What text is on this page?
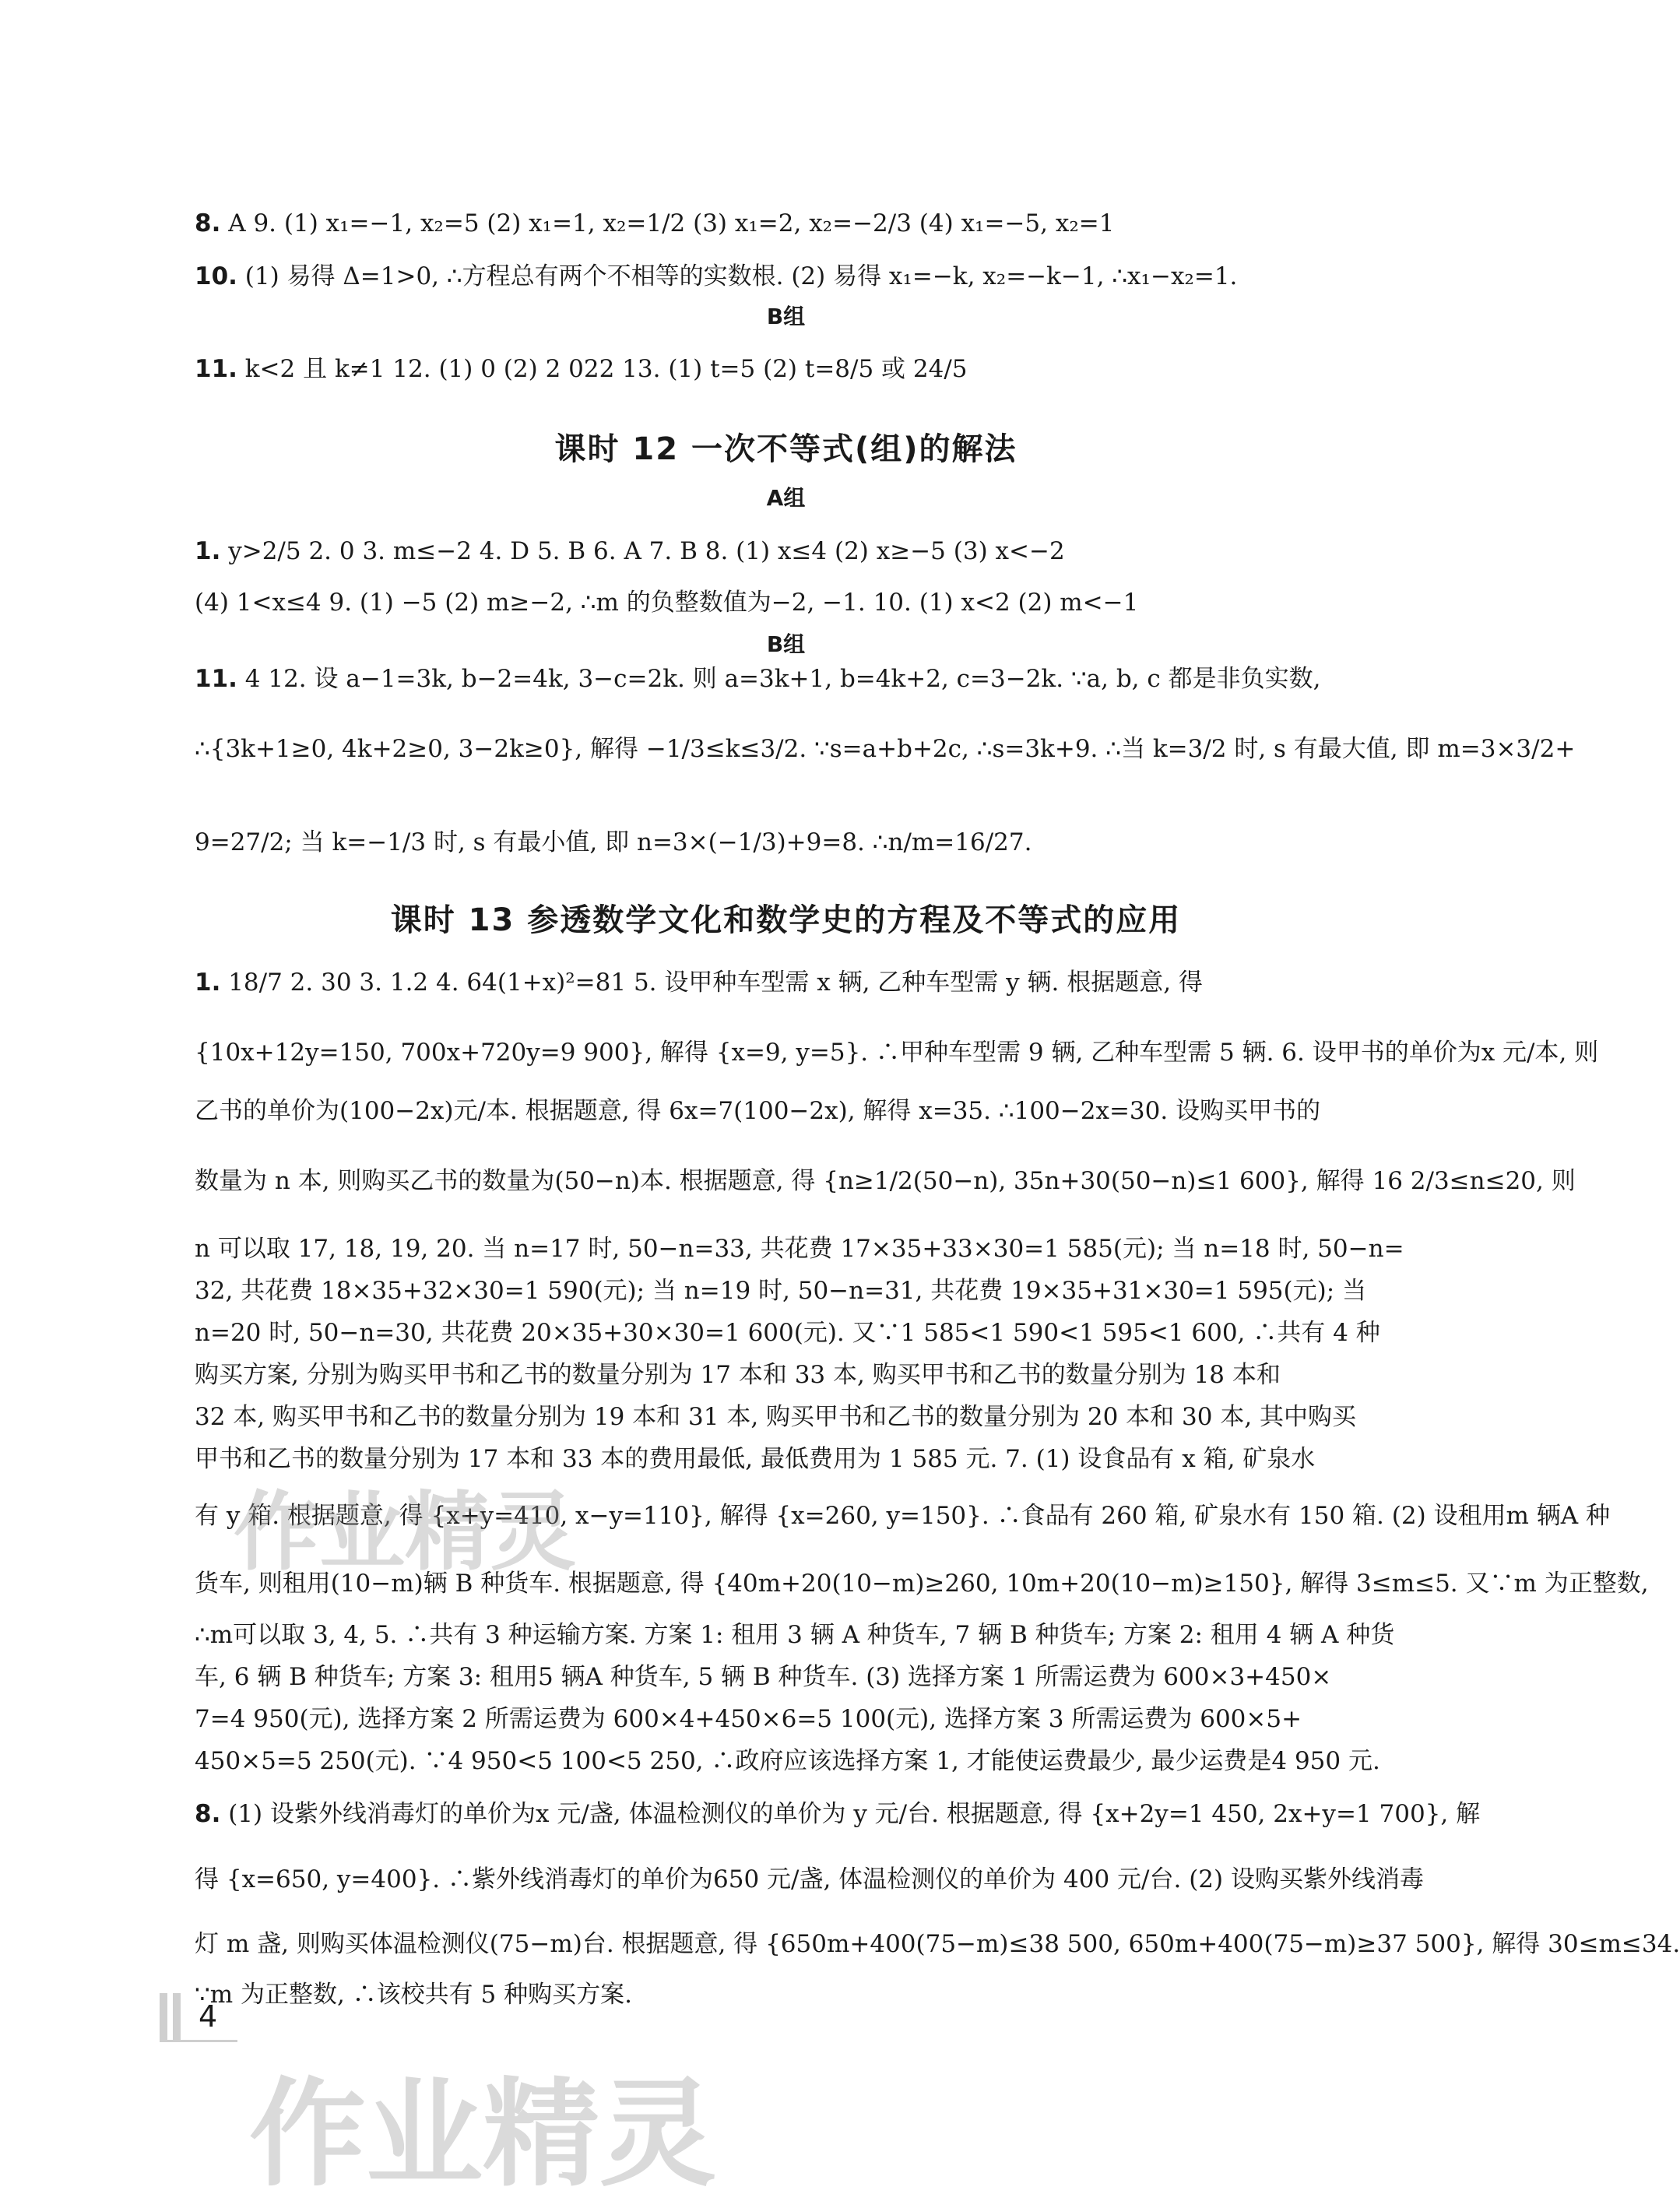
8. A 9. (1) x₁=−1, x₂=5 (2) x₁=1, x₂=1/2 (3) x₁=2, x₂=−2/3 (4) x₁=−5, x₂=1
10. (1) 易得 Δ=1>0, ∴方程总有两个不相等的实数根. (2) 易得 x₁=−k, x₂=−k−1, ∴x₁−x₂=1.
B组
11. k<2 且 k≠1 12. (1) 0 (2) 2 022 13. (1) t=5 (2) t=8/5 或 24/5
课时 12 一次不等式(组)的解法
A组
1. y>2/5 2. 0 3. m≤−2 4. D 5. B 6. A 7. B 8. (1) x≤4 (2) x≥−5 (3) x<−2
(4) 1<x≤4 9. (1) −5 (2) m≥−2, ∴m 的负整数值为−2, −1. 10. (1) x<2 (2) m<−1
B组
11. 4 12. 设 a−1=3k, b−2=4k, 3−c=2k. 则 a=3k+1, b=4k+2, c=3−2k. ∵a, b, c 都是非负实数,
∴{3k+1≥0, 4k+2≥0, 3−2k≥0}, 解得 −1/3≤k≤3/2. ∵s=a+b+2c, ∴s=3k+9. ∴当 k=3/2 时, s 有最大值, 即 m=3×3/2+
9=27/2; 当 k=−1/3 时, s 有最小值, 即 n=3×(−1/3)+9=8. ∴n/m=16/27.
课时 13 参透数学文化和数学史的方程及不等式的应用
1. 18/7 2. 30 3. 1.2 4. 64(1+x)²=81 5. 设甲种车型需 x 辆, 乙种车型需 y 辆. 根据题意, 得
{10x+12y=150, 700x+720y=9 900}, 解得 {x=9, y=5}. ∴甲种车型需 9 辆, 乙种车型需 5 辆. 6. 设甲书的单价为x 元/本, 则
乙书的单价为(100−2x)元/本. 根据题意, 得 6x=7(100−2x), 解得 x=35. ∴100−2x=30. 设购买甲书的
数量为 n 本, 则购买乙书的数量为(50−n)本. 根据题意, 得 {n≥1/2(50−n), 35n+30(50−n)≤1 600}, 解得 16 2/3≤n≤20, 则
n 可以取 17, 18, 19, 20. 当 n=17 时, 50−n=33, 共花费 17×35+33×30=1 585(元); 当 n=18 时, 50−n=
32, 共花费 18×35+32×30=1 590(元); 当 n=19 时, 50−n=31, 共花费 19×35+31×30=1 595(元); 当
n=20 时, 50−n=30, 共花费 20×35+30×30=1 600(元). 又∵1 585<1 590<1 595<1 600, ∴共有 4 种
购买方案, 分别为购买甲书和乙书的数量分别为 17 本和 33 本, 购买甲书和乙书的数量分别为 18 本和
32 本, 购买甲书和乙书的数量分别为 19 本和 31 本, 购买甲书和乙书的数量分别为 20 本和 30 本, 其中购买
甲书和乙书的数量分别为 17 本和 33 本的费用最低, 最低费用为 1 585 元. 7. (1) 设食品有 x 箱, 矿泉水
有 y 箱. 根据题意, 得 {x+y=410, x−y=110}, 解得 {x=260, y=150}. ∴食品有 260 箱, 矿泉水有 150 箱. (2) 设租用m 辆A 种
货车, 则租用(10−m)辆 B 种货车. 根据题意, 得 {40m+20(10−m)≥260, 10m+20(10−m)≥150}, 解得 3≤m≤5. 又∵m 为正整数,
∴m可以取 3, 4, 5. ∴共有 3 种运输方案. 方案 1: 租用 3 辆 A 种货车, 7 辆 B 种货车; 方案 2: 租用 4 辆 A 种货
车, 6 辆 B 种货车; 方案 3: 租用5 辆A 种货车, 5 辆 B 种货车. (3) 选择方案 1 所需运费为 600×3+450×
7=4 950(元), 选择方案 2 所需运费为 600×4+450×6=5 100(元), 选择方案 3 所需运费为 600×5+
450×5=5 250(元). ∵4 950<5 100<5 250, ∴政府应该选择方案 1, 才能使运费最少, 最少运费是4 950 元.
8. (1) 设紫外线消毒灯的单价为x 元/盏, 体温检测仪的单价为 y 元/台. 根据题意, 得 {x+2y=1 450, 2x+y=1 700}, 解
得 {x=650, y=400}. ∴紫外线消毒灯的单价为650 元/盏, 体温检测仪的单价为 400 元/台. (2) 设购买紫外线消毒
灯 m 盏, 则购买体温检测仪(75−m)台. 根据题意, 得 {650m+400(75−m)≤38 500, 650m+400(75−m)≥37 500}, 解得 30≤m≤34.
∵m 为正整数, ∴该校共有 5 种购买方案.
4
作业精灵
作业精灵
